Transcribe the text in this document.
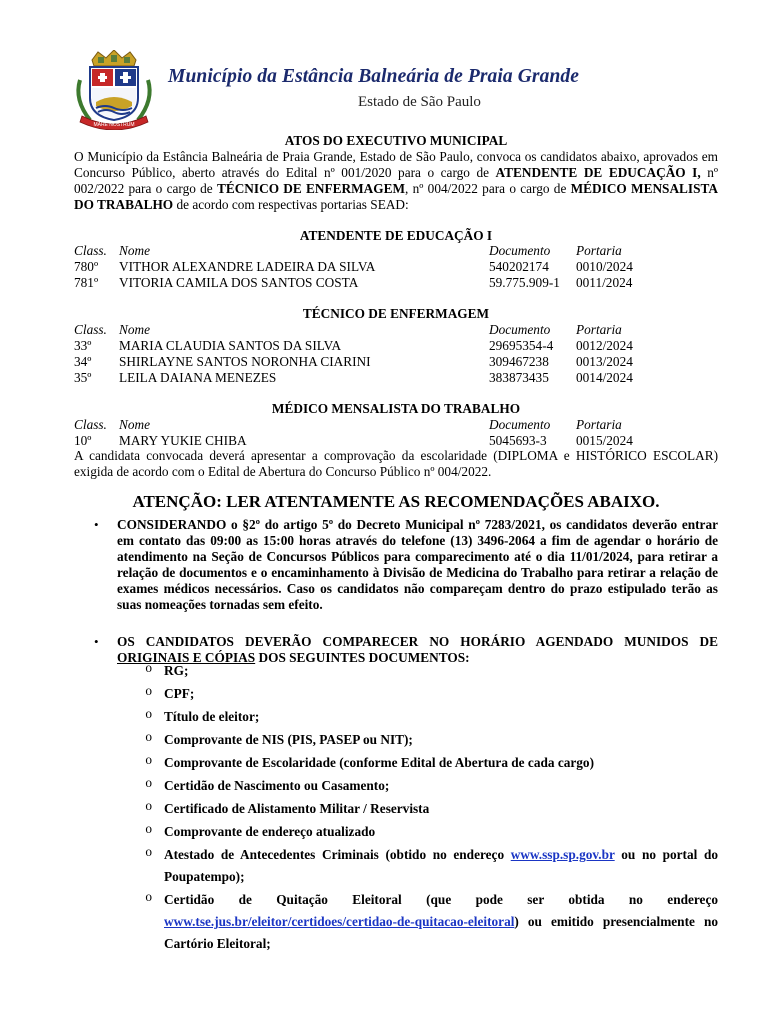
MARE NOSTRUM
Município da Estância Balneária de Praia Grande
Estado de São Paulo
ATOS DO EXECUTIVO MUNICIPAL
O Município da Estância Balneária de Praia Grande, Estado de São Paulo, convoca os candidatos abaixo, aprovados em Concurso Público, aberto através do Edital nº 001/2020 para o cargo de ATENDENTE DE EDUCAÇÃO I, nº 002/2022 para o cargo de TÉCNICO DE ENFERMAGEM, nº 004/2022 para o cargo de MÉDICO MENSALISTA DO TRABALHO de acordo com respectivas portarias SEAD:
ATENDENTE DE EDUCAÇÃO I
Class.	Nome	Documento	Portaria
780º	VITHOR ALEXANDRE LADEIRA DA SILVA	540202174	0010/2024
781º	VITORIA CAMILA DOS SANTOS COSTA	59.775.909-1	0011/2024
TÉCNICO DE ENFERMAGEM
Class.	Nome	Documento	Portaria
33º	MARIA CLAUDIA SANTOS DA SILVA	29695354-4	0012/2024
34º	SHIRLAYNE SANTOS NORONHA CIARINI	309467238	0013/2024
35º	LEILA DAIANA MENEZES	383873435	0014/2024
MÉDICO MENSALISTA DO TRABALHO
Class.	Nome	Documento	Portaria
10º	MARY YUKIE CHIBA	5045693-3	0015/2024
A candidata convocada deverá apresentar a comprovação da escolaridade (DIPLOMA e HISTÓRICO ESCOLAR) exigida de acordo com o Edital de Abertura do Concurso Público nº 004/2022.
ATENÇÃO: LER ATENTAMENTE AS RECOMENDAÇÕES ABAIXO.
•	CONSIDERANDO o §2º do artigo 5º do Decreto Municipal nº 7283/2021, os candidatos deverão entrar em contato das 09:00 as 15:00 horas através do telefone (13) 3496-2064 a fim de agendar o horário de atendimento na Seção de Concursos Públicos para comparecimento até o dia 11/01/2024, para retirar a relação de documentos e o encaminhamento à Divisão de Medicina do Trabalho para retirar a relação de exames médicos necessários. Caso os candidatos não compareçam dentro do prazo estipulado terão as suas nomeações tornadas sem efeito.
•	OS CANDIDATOS DEVERÃO COMPARECER NO HORÁRIO AGENDADO MUNIDOS DE ORIGINAIS E CÓPIAS DOS SEGUINTES DOCUMENTOS:
o RG;
o CPF;
o Título de eleitor;
o Comprovante de NIS (PIS, PASEP ou NIT);
o Comprovante de Escolaridade (conforme Edital de Abertura de cada cargo)
o Certidão de Nascimento ou Casamento;
o Certificado de Alistamento Militar / Reservista
o Comprovante de endereço atualizado
o Atestado de Antecedentes Criminais (obtido no endereço www.ssp.sp.gov.br ou no portal do Poupatempo);
o Certidão de Quitação Eleitoral (que pode ser obtida no endereço www.tse.jus.br/eleitor/certidoes/certidao-de-quitacao-eleitoral) ou emitido presencialmente no Cartório Eleitoral;
